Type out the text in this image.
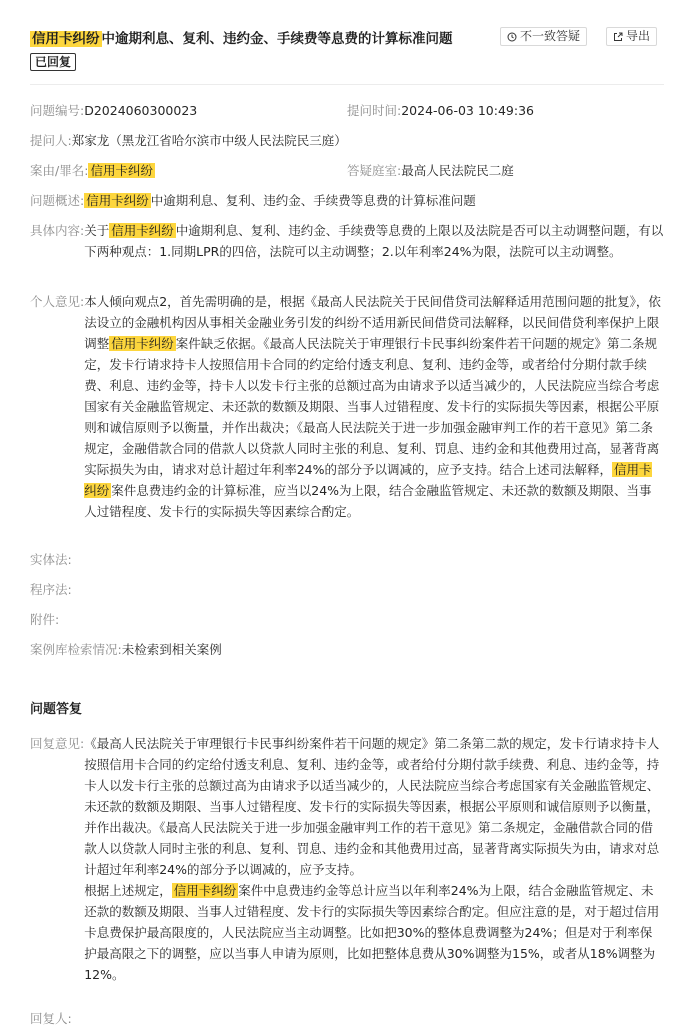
信用卡纠纷 中逾期利息、复利、违约金、手续费等息费的计算标准问题
已回复
不一致答疑	导出
问题编号:D2024060300023	提问时间:2024-06-03 10:49:36
提问人:郑家龙（黑龙江省哈尔滨市中级人民法院民三庭）
案由/罪名: 信用卡纠纷	答疑庭室:最高人民法院民二庭
问题概述: 信用卡纠纷 中逾期利息、复利、违约金、手续费等息费的计算标准问题
具体内容: 关于 信用卡纠纷 中逾期利息、复利、违约金、手续费等息费的上限以及法院是否可以主动调整问题，有以下两种观点：1.同期LPR的四倍，法院可以主动调整；2.以年利率24%为限，法院可以主动调整。
个人意见: 本人倾向观点2，首先需明确的是，根据《最高人民法院关于民间借贷司法解释适用范围问题的批复》，依法设立的金融机构因从事相关金融业务引发的纠纷不适用新民间借贷司法解释，以民间借贷利率保护上限调整 信用卡纠纷 案件缺乏依据。《最高人民法院关于审理银行卡民事纠纷案件若干问题的规定》第二条规定，发卡行请求持卡人按照信用卡合同的约定给付透支利息、复利、违约金等，或者给付分期付款手续费、利息、违约金等，持卡人以发卡行主张的总额过高为由请求予以适当减少的，人民法院应当综合考虑国家有关金融监管规定、未还款的数额及期限、当事人过错程度、发卡行的实际损失等因素，根据公平原则和诚信原则予以衡量，并作出裁决；《最高人民法院关于进一步加强金融审判工作的若干意见》第二条规定，金融借款合同的借款人以贷款人同时主张的利息、复利、罚息、违约金和其他费用过高，显著背离实际损失为由，请求对总计超过年利率24%的部分予以调减的，应予支持。结合上述司法解释， 信用卡纠纷 案件息费违约金的计算标准，应当以24%为上限，结合金融监管规定、未还款的数额及期限、当事人过错程度、发卡行的实际损失等因素综合酌定。
实体法:
程序法:
附件:
案例库检索情况:未检索到相关案例
问题答复
回复意见: 《最高人民法院关于审理银行卡民事纠纷案件若干问题的规定》第二条第二款的规定，发卡行请求持卡人按照信用卡合同的约定给付透支利息、复利、违约金等，或者给付分期付款手续费、利息、违约金等，持卡人以发卡行主张的总额过高为由请求予以适当减少的，人民法院应当综合考虑国家有关金融监管规定、未还款的数额及期限、当事人过错程度、发卡行的实际损失等因素，根据公平原则和诚信原则予以衡量，并作出裁决。《最高人民法院关于进一步加强金融审判工作的若干意见》第二条规定，金融借款合同的借款人以贷款人同时主张的利息、复利、罚息、违约金和其他费用过高，显著背离实际损失为由，请求对总计超过年利率24%的部分予以调减的，应予支持。
根据上述规定， 信用卡纠纷 案件中息费违约金等总计应当以年利率24%为上限，结合金融监管规定、未还款的数额及期限、当事人过错程度、发卡行的实际损失等因素综合酌定。但应注意的是，对于超过信用卡息费保护最高限度的，人民法院应当主动调整。比如把30%的整体息费调整为24%；但是对于利率保护最高限之下的调整，应以当事人申请为原则，比如把整体息费从30%调整为15%，或者从18%调整为12%。
回复人:
